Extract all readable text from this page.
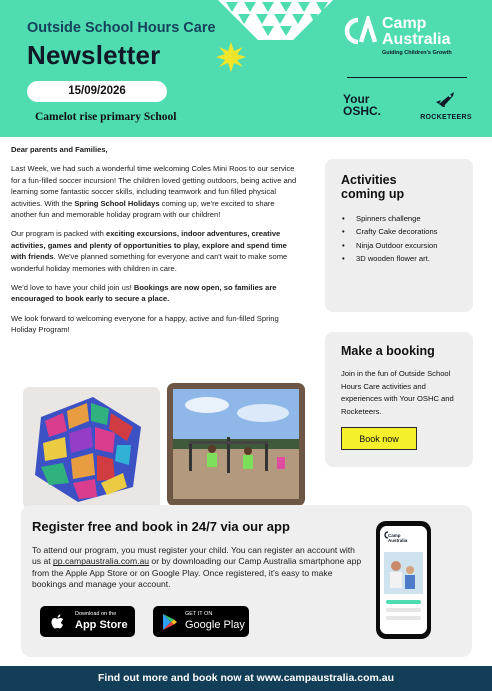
Outside School Hours Care
Newsletter
15/09/2026
Camelot rise primary School
Camp
Australia
Guiding Children's Growth
Your
OSHC.	ROCKETEERS

Dear parents and Families,

Last Week, we had such a wonderful time welcoming Coles Mini Roos to our service for a fun-filled soccer incursion! The children loved getting outdoors, being active and learning some fantastic soccer skills, including teamwork and fun filled physical activities. With the Spring School Holidays coming up, we're excited to share another fun and memorable holiday program with our children!

Our program is packed with exciting excursions, indoor adventures, creative activities, games and plenty of opportunities to play, explore and spend time with friends. We've planned something for everyone and can't wait to make some wonderful holiday memories with children in care.

We'd love to have your child join us! Bookings are now open, so families are encouraged to book early to secure a place.

We look forward to welcoming everyone for a happy, active and fun-filled Spring Holiday Program!

Activities
coming up
• Spinners challenge
• Crafty Cake decorations
• Ninja Outdoor excursion
• 3D wooden flower art.
Make a booking
Join in the fun of Outside School Hours Care activities and experiences with Your OSHC and Rocketeers.
Book now
Register free and book in 24/7 via our app
To attend our program, you must register your child. You can register an account with us at pp.campaustralia.com.au or by downloading our Camp Australia smartphone app from the Apple App Store or on Google Play. Once registered, it's easy to make bookings and manage your account.
Download on the
App Store
GET IT ON
Google Play
Camp
Australia
Find out more and book now at www.campaustralia.com.au
